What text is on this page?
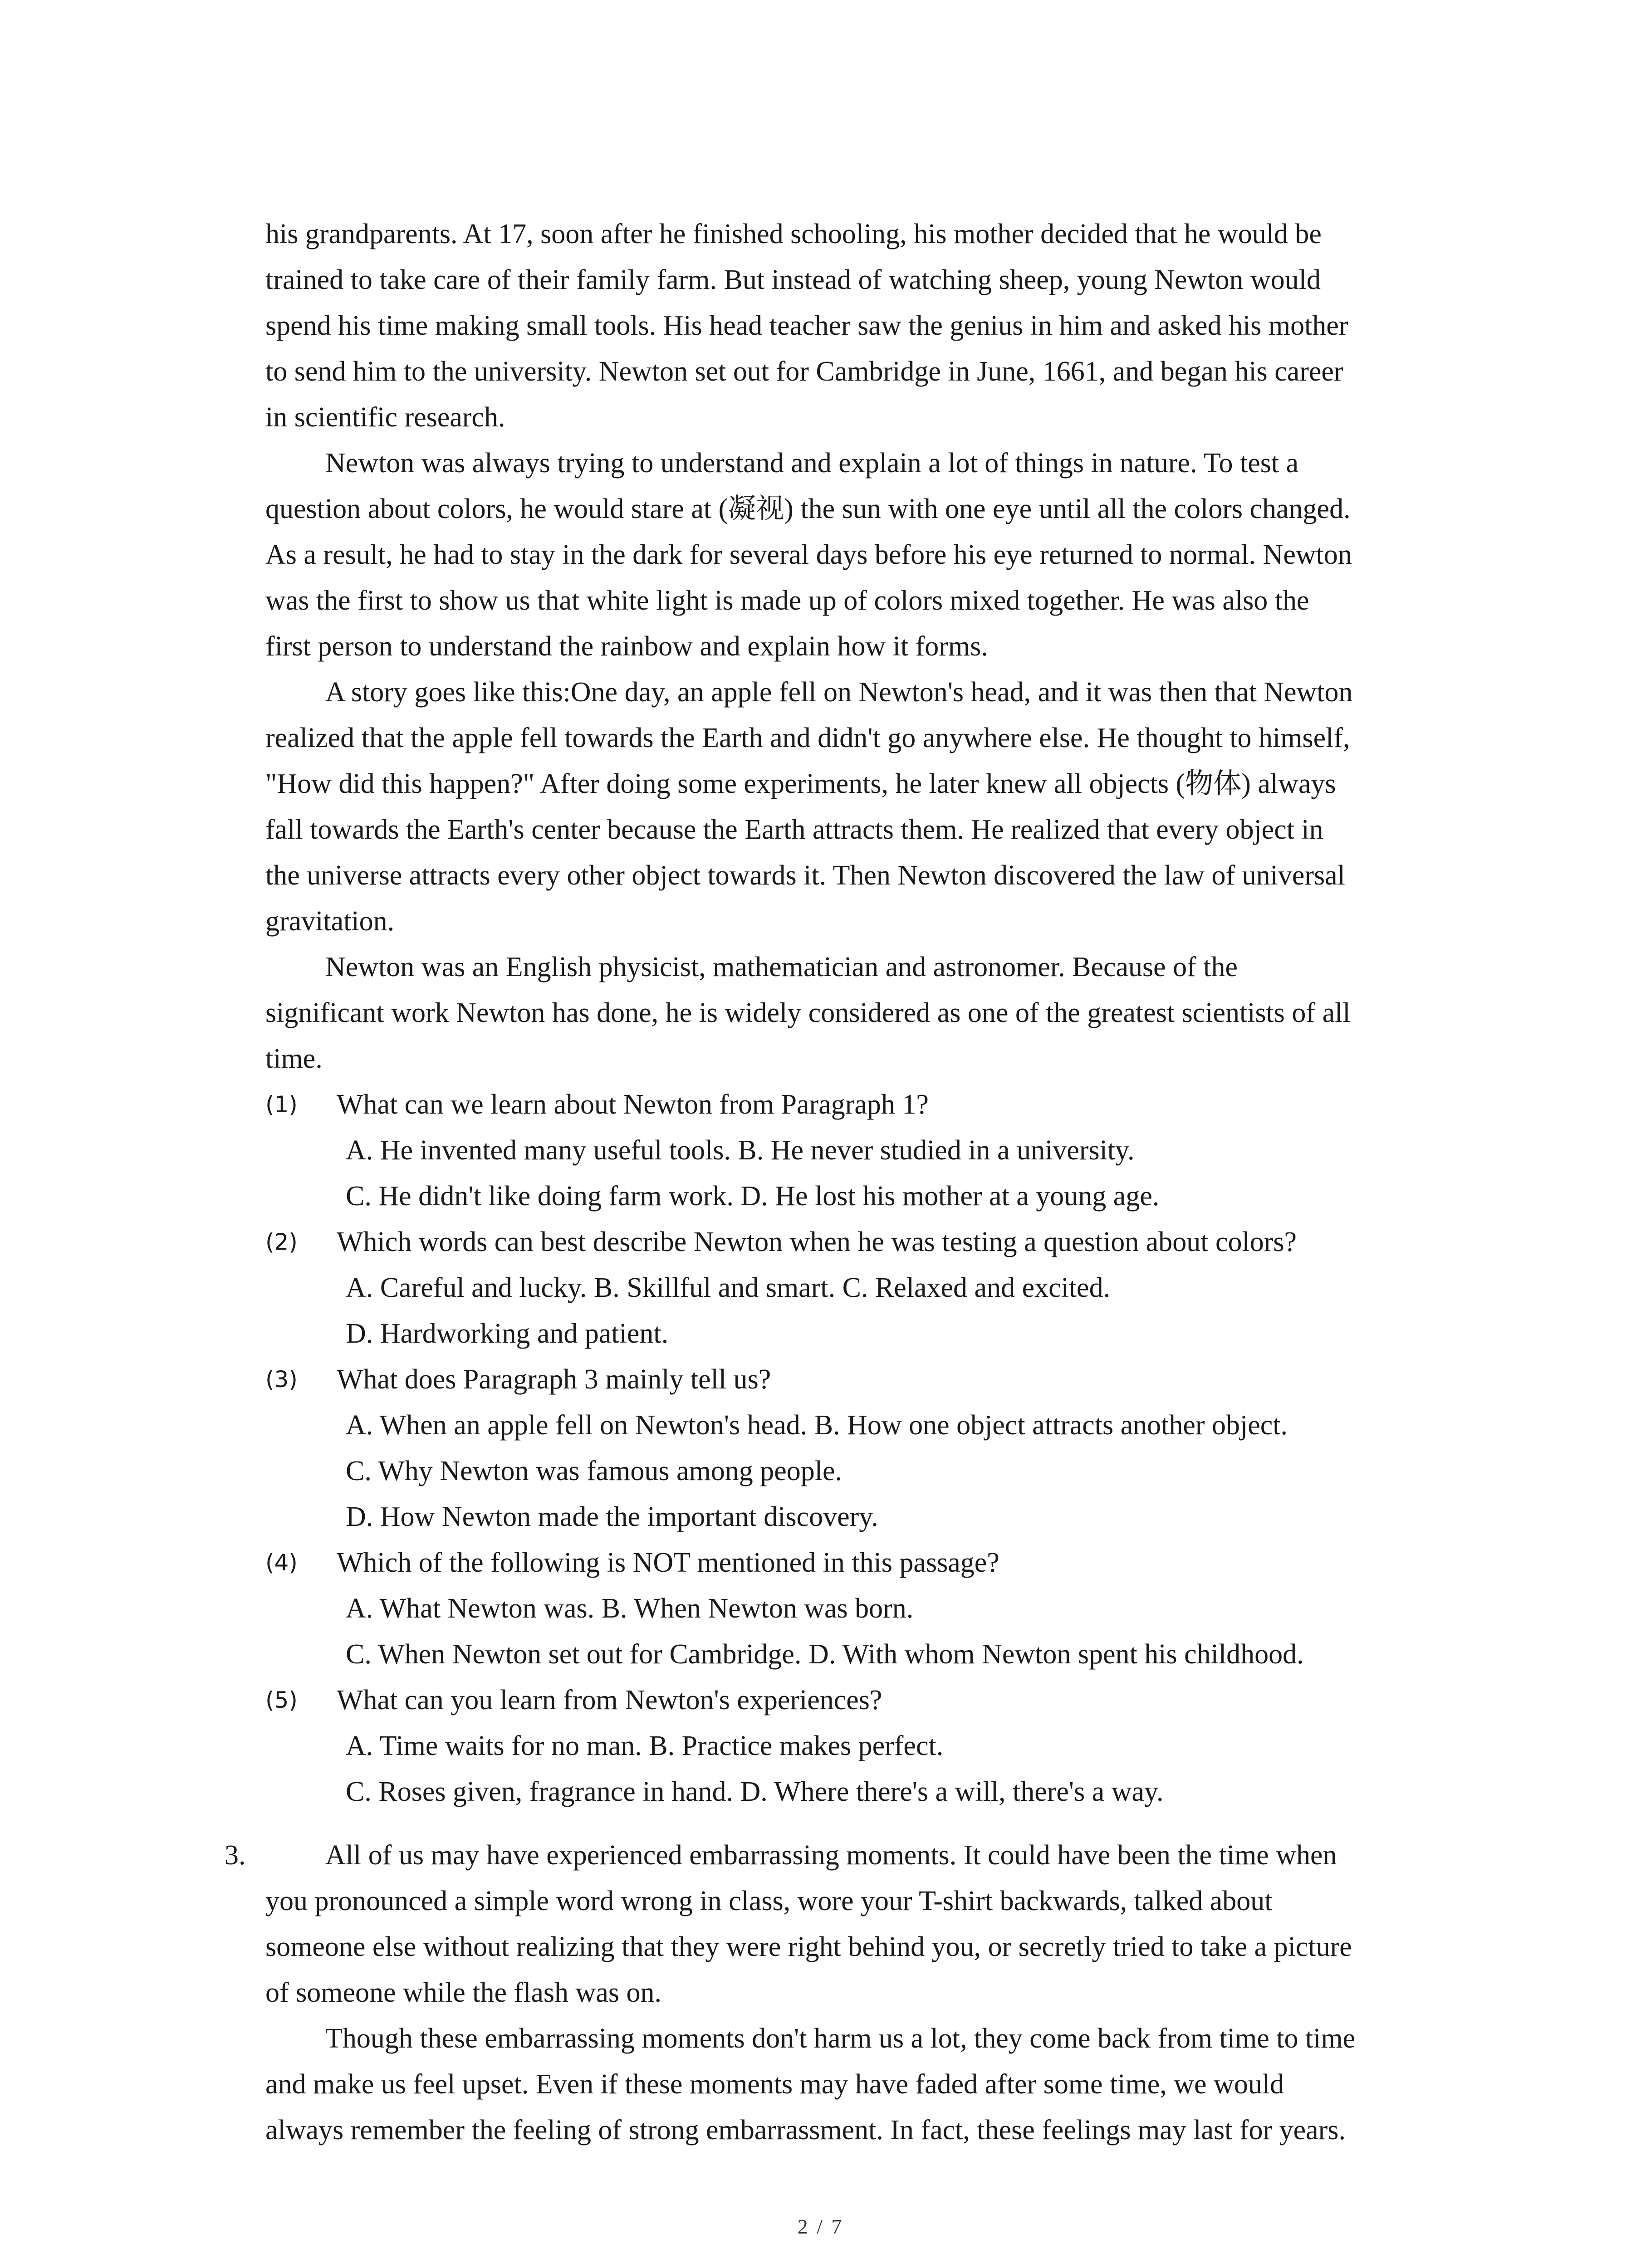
his grandparents. At 17, soon after he finished schooling, his mother decided that he would be
trained to take care of their family farm. But instead of watching sheep, young Newton would
spend his time making small tools. His head teacher saw the genius in him and asked his mother
to send him to the university. Newton set out for Cambridge in June, 1661, and began his career
in scientific research.
Newton was always trying to understand and explain a lot of things in nature. To test a
question about colors, he would stare at (凝视) the sun with one eye until all the colors changed.
As a result, he had to stay in the dark for several days before his eye returned to normal. Newton
was the first to show us that white light is made up of colors mixed together. He was also the
first person to understand the rainbow and explain how it forms.
A story goes like this:One day, an apple fell on Newton's head, and it was then that Newton
realized that the apple fell towards the Earth and didn't go anywhere else. He thought to himself,
"How did this happen?" After doing some experiments, he later knew all objects (物体) always
fall towards the Earth's center because the Earth attracts them. He realized that every object in
the universe attracts every other object towards it. Then Newton discovered the law of universal
gravitation.
Newton was an English physicist, mathematician and astronomer. Because of the
significant work Newton has done, he is widely considered as one of the greatest scientists of all
time.
(1) What can we learn about Newton from Paragraph 1?
A. He invented many useful tools. B. He never studied in a university.
C. He didn't like doing farm work. D. He lost his mother at a young age.
(2) Which words can best describe Newton when he was testing a question about colors?
A. Careful and lucky. B. Skillful and smart. C. Relaxed and excited.
D. Hardworking and patient.
(3) What does Paragraph 3 mainly tell us?
A. When an apple fell on Newton's head. B. How one object attracts another object.
C. Why Newton was famous among people.
D. How Newton made the important discovery.
(4) Which of the following is NOT mentioned in this passage?
A. What Newton was. B. When Newton was born.
C. When Newton set out for Cambridge. D. With whom Newton spent his childhood.
(5) What can you learn from Newton's experiences?
A. Time waits for no man. B. Practice makes perfect.
C. Roses given, fragrance in hand. D. Where there's a will, there's a way.
3.	All of us may have experienced embarrassing moments. It could have been the time when
you pronounced a simple word wrong in class, wore your T-shirt backwards, talked about
someone else without realizing that they were right behind you, or secretly tried to take a picture
of someone while the flash was on.
Though these embarrassing moments don't harm us a lot, they come back from time to time
and make us feel upset. Even if these moments may have faded after some time, we would
always remember the feeling of strong embarrassment. In fact, these feelings may last for years.
2 / 7
